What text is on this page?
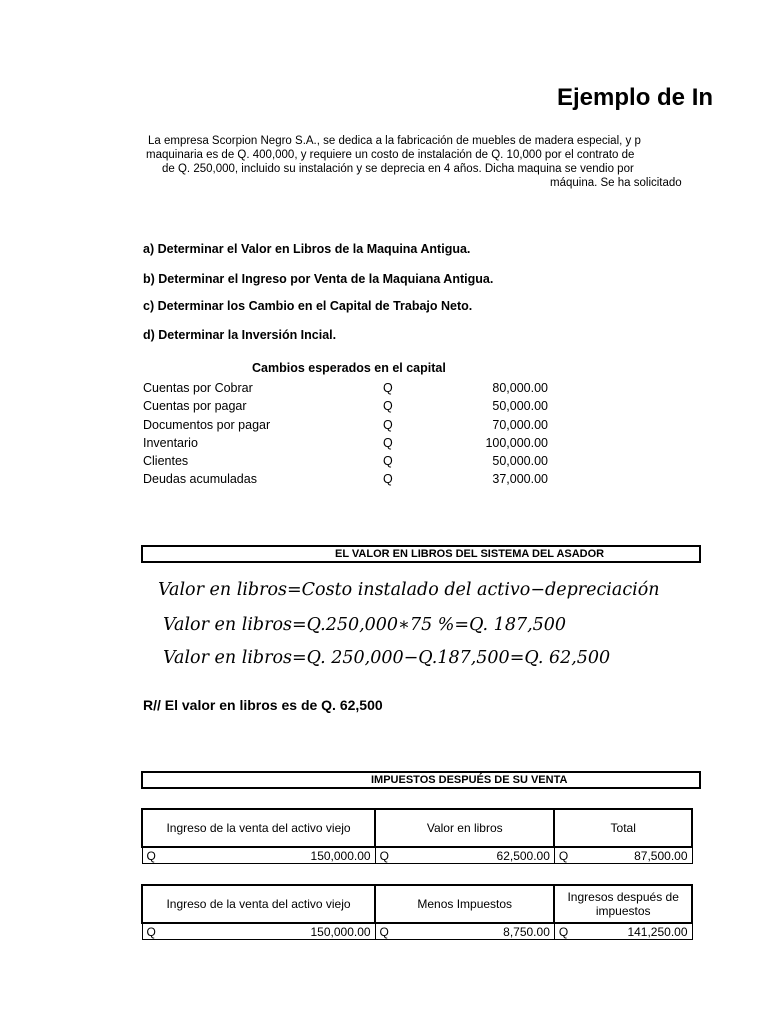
Ejemplo de In
La empresa Scorpion Negro S.A., se dedica a la fabricación de muebles de madera especial, y p
maquinaria es de Q. 400,000, y requiere un costo de instalación de Q. 10,000 por el contrato de
de Q. 250,000, incluido su instalación y se deprecia en 4 años. Dicha maquina se vendio por
máquina. Se ha solicitado
a) Determinar el Valor en Libros de la Maquina Antigua.
b) Determinar el Ingreso por Venta de la Maquiana Antigua.
c) Determinar los Cambio en el Capital de Trabajo Neto.
d) Determinar la Inversión Incial.
Cambios esperados en el capital
Cuentas por Cobrar	Q	80,000.00
Cuentas por pagar	Q	50,000.00
Documentos por pagar	Q	70,000.00
Inventario	Q	100,000.00
Clientes	Q	50,000.00
Deudas acumuladas	Q	37,000.00
EL VALOR EN LIBROS DEL SISTEMA DEL ASADOR
Valor en libros=Costo instalado del activo−depreciación
Valor en libros=Q.250,000∗75 %=Q. 187,500
Valor en libros=Q. 250,000−Q.187,500=Q. 62,500
R// El valor en libros es de Q. 62,500
IMPUESTOS DESPUÉS DE SU VENTA
Ingreso de la venta del activo viejo	Valor en libros	Total

Q 150,000.00	Q 62,500.00	Q 87,500.00
Ingreso de la venta del activo viejo	Menos Impuestos	Ingresos después de impuestos

Q 150,000.00	Q 8,750.00	Q 141,250.00
